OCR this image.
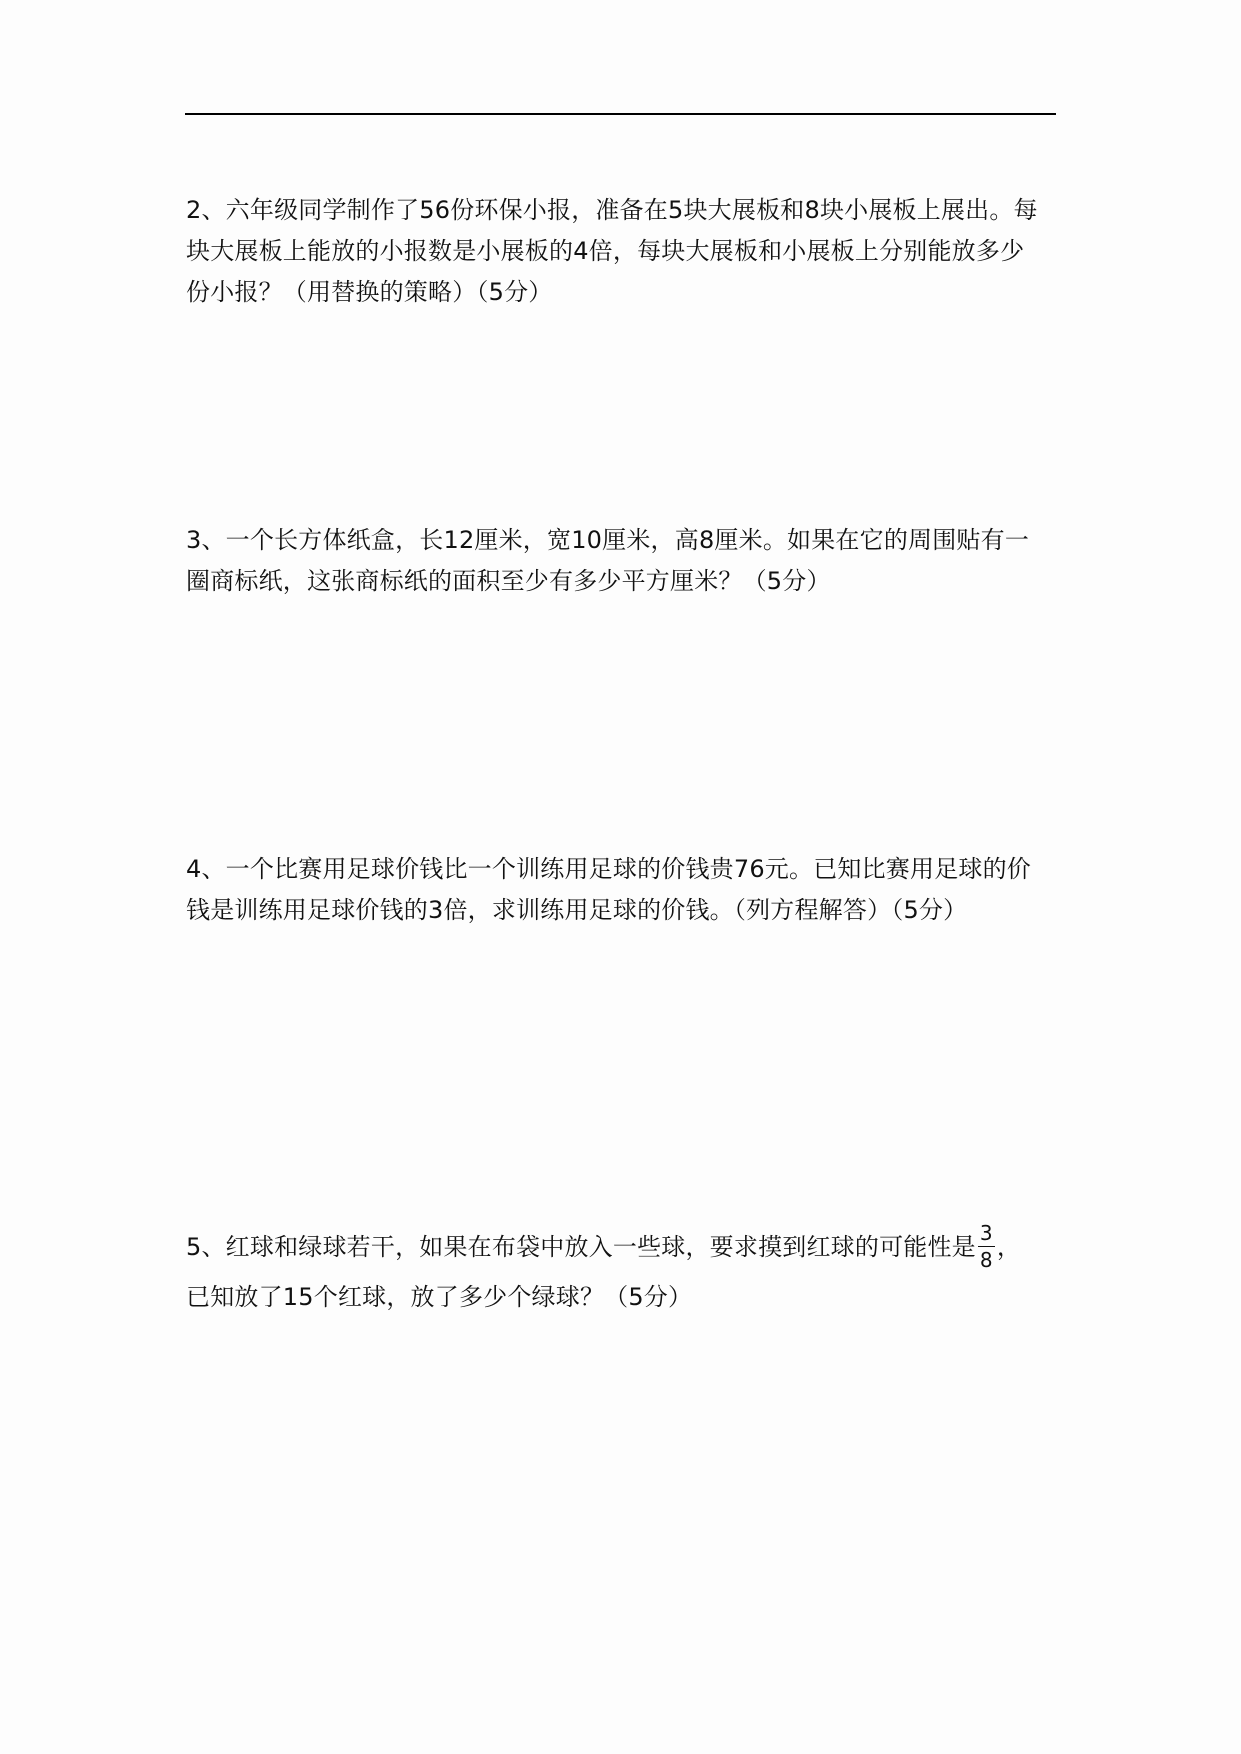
2、六年级同学制作了56份环保小报，准备在5块大展板和8块小展板上展出。每

块大展板上能放的小报数是小展板的4倍，每块大展板和小展板上分别能放多少

份小报？（用替换的策略）（5分）

3、一个长方体纸盒，长12厘米，宽10厘米，高8厘米。如果在它的周围贴有一

圈商标纸，这张商标纸的面积至少有多少平方厘米？（5分）

4、一个比赛用足球价钱比一个训练用足球的价钱贵76元。已知比赛用足球的价

钱是训练用足球价钱的3倍，求训练用足球的价钱。（列方程解答）（5分）

5、红球和绿球若干，如果在布袋中放入一些球，要求摸到红球的可能性是 $\frac{3}{8}$ ，

已知放了15个红球，放了多少个绿球？（5分）
